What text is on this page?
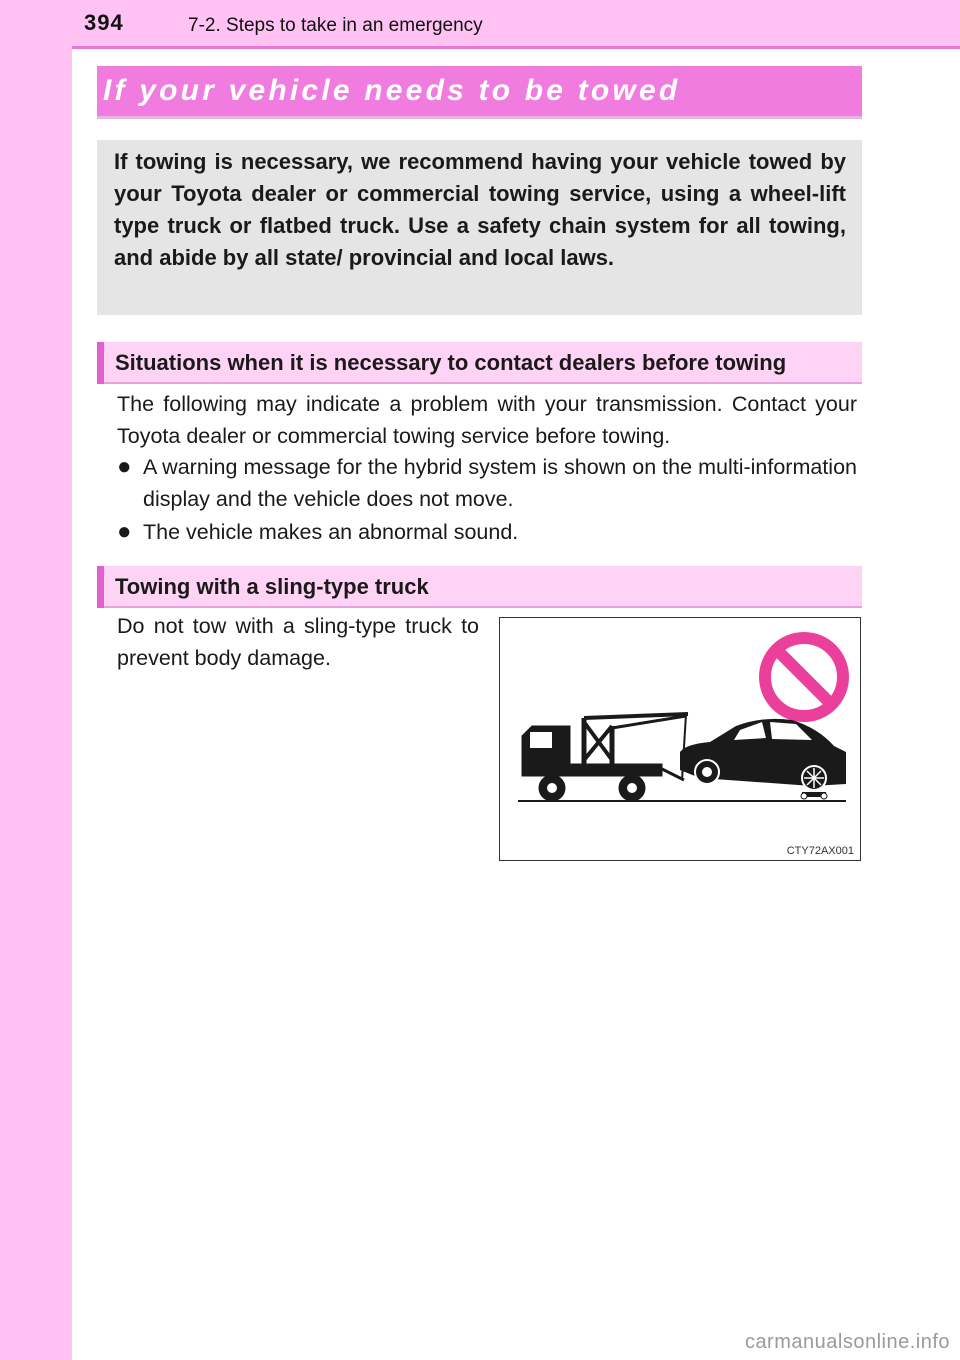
394	7-2. Steps to take in an emergency
If your vehicle needs to be towed

If towing is necessary, we recommend having your vehicle towed by your Toyota dealer or commercial towing service, using a wheel-lift type truck or flatbed truck. Use a safety chain system for all towing, and abide by all state/ provincial and local laws.

Situations when it is necessary to contact dealers before towing

The following may indicate a problem with your transmission. Contact your Toyota dealer or commercial towing service before towing.

● A warning message for the hybrid system is shown on the multi-information display and the vehicle does not move.
● The vehicle makes an abnormal sound.
Towing with a sling-type truck

Do not tow with a sling-type truck to prevent body damage.

CTY72AX001
carmanualsonline.info
